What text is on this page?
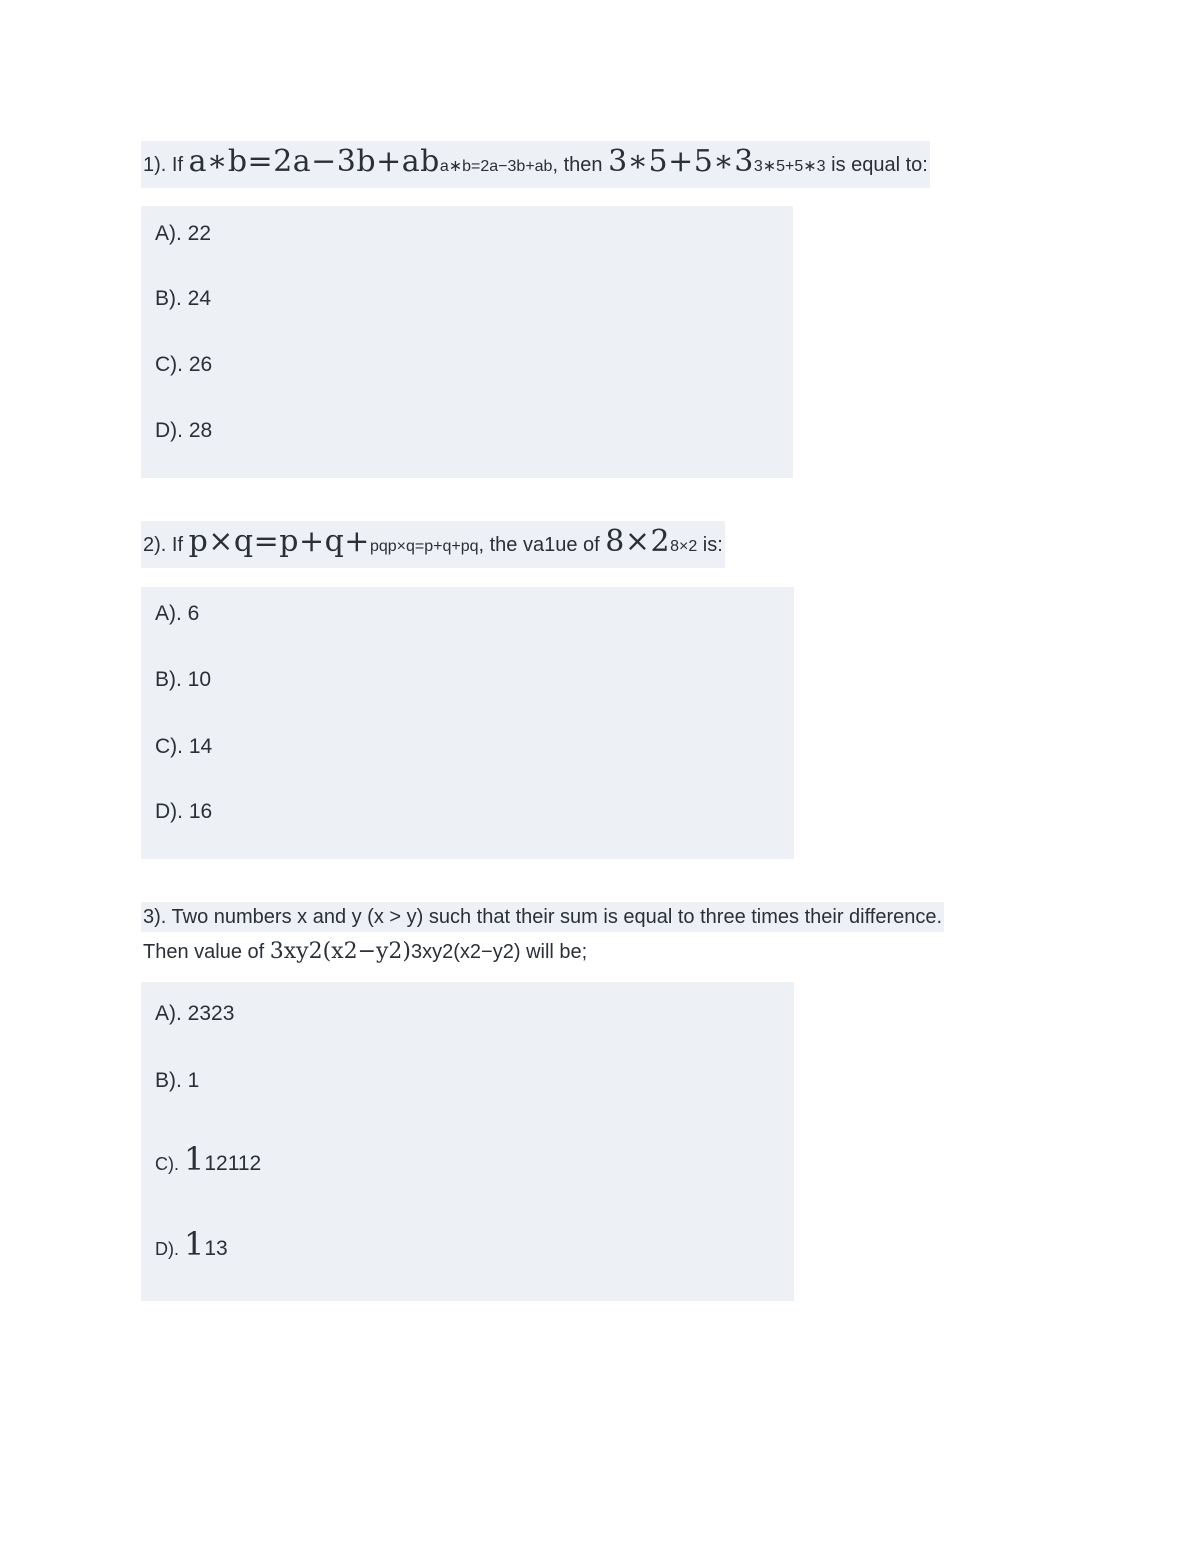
1). If a∗b=2a−3b+aba∗b=2a−3b+ab, then 3∗5+5∗33∗5+5∗3 is equal to:
A). 22
B). 24
C). 26
D). 28
2). If p×q=p+q+pqp×q=p+q+pq, the va1ue of 8×28×2 is:
A). 6
B). 10
C). 14
D). 16
3). Two numbers x and y (x > y) such that their sum is equal to three times their difference.
Then value of 3xy2(x2−y2)3xy2(x2−y2) will be;
A). 2323
B). 1
C). 112112
D). 113
